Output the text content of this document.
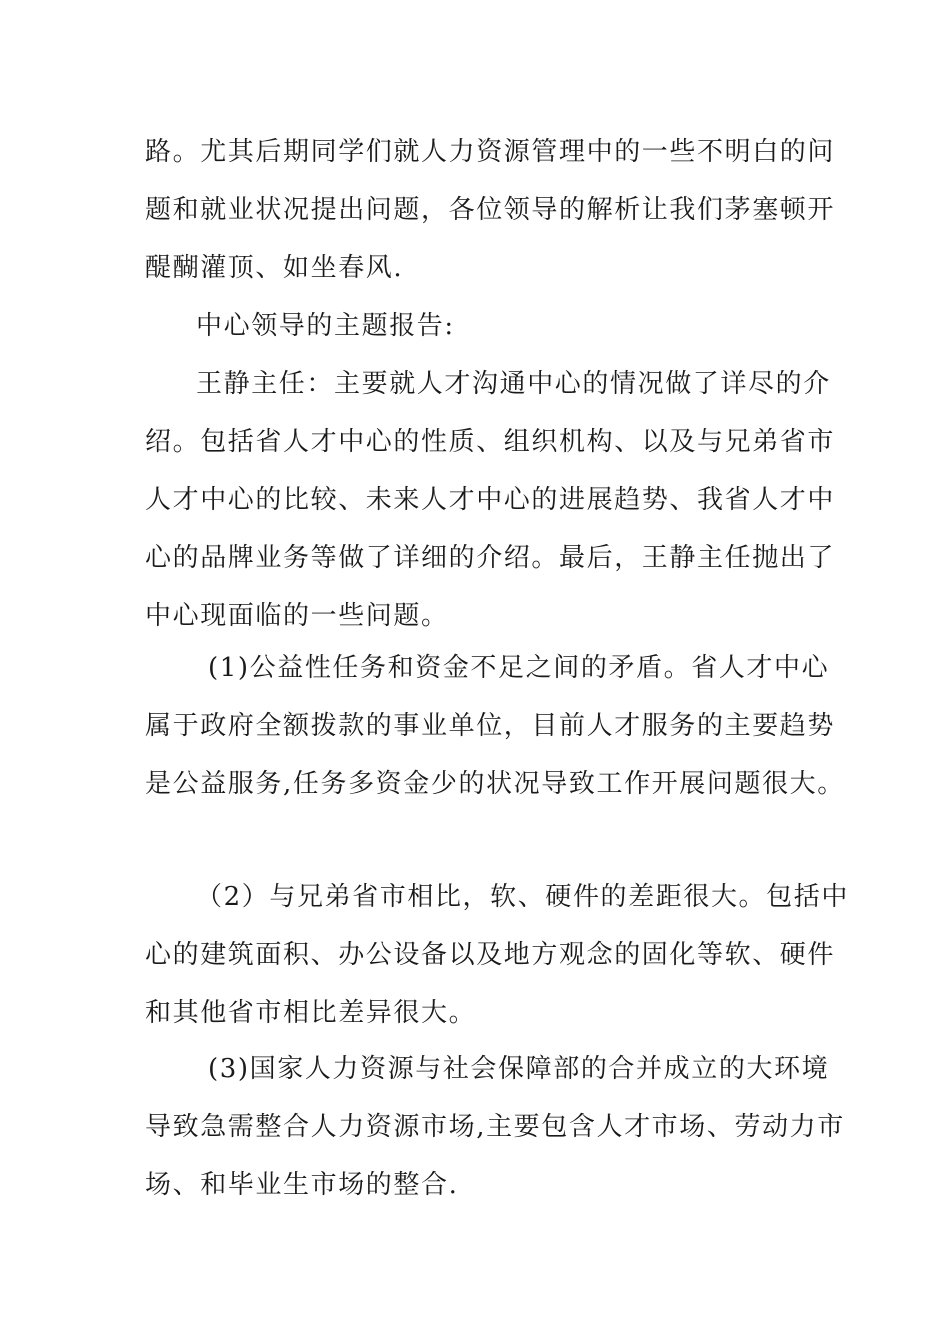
路。尤其后期同学们就人力资源管理中的一些不明白的问
题和就业状况提出问题，各位领导的解析让我们茅塞顿开
醍醐灌顶、如坐春风.
中心领导的主题报告:
王静主任：主要就人才沟通中心的情况做了详尽的介
绍。包括省人才中心的性质、组织机构、以及与兄弟省市
人才中心的比较、未来人才中心的进展趋势、我省人才中
心的品牌业务等做了详细的介绍。最后，王静主任抛出了
中心现面临的一些问题。
(1)公益性任务和资金不足之间的矛盾。省人才中心
属于政府全额拨款的事业单位，目前人才服务的主要趋势
是公益服务,任务多资金少的状况导致工作开展问题很大。
（2）与兄弟省市相比，软、硬件的差距很大。包括中
心的建筑面积、办公设备以及地方观念的固化等软、硬件
和其他省市相比差异很大。
(3)国家人力资源与社会保障部的合并成立的大环境
导致急需整合人力资源市场,主要包含人才市场、劳动力市
场、和毕业生市场的整合.
